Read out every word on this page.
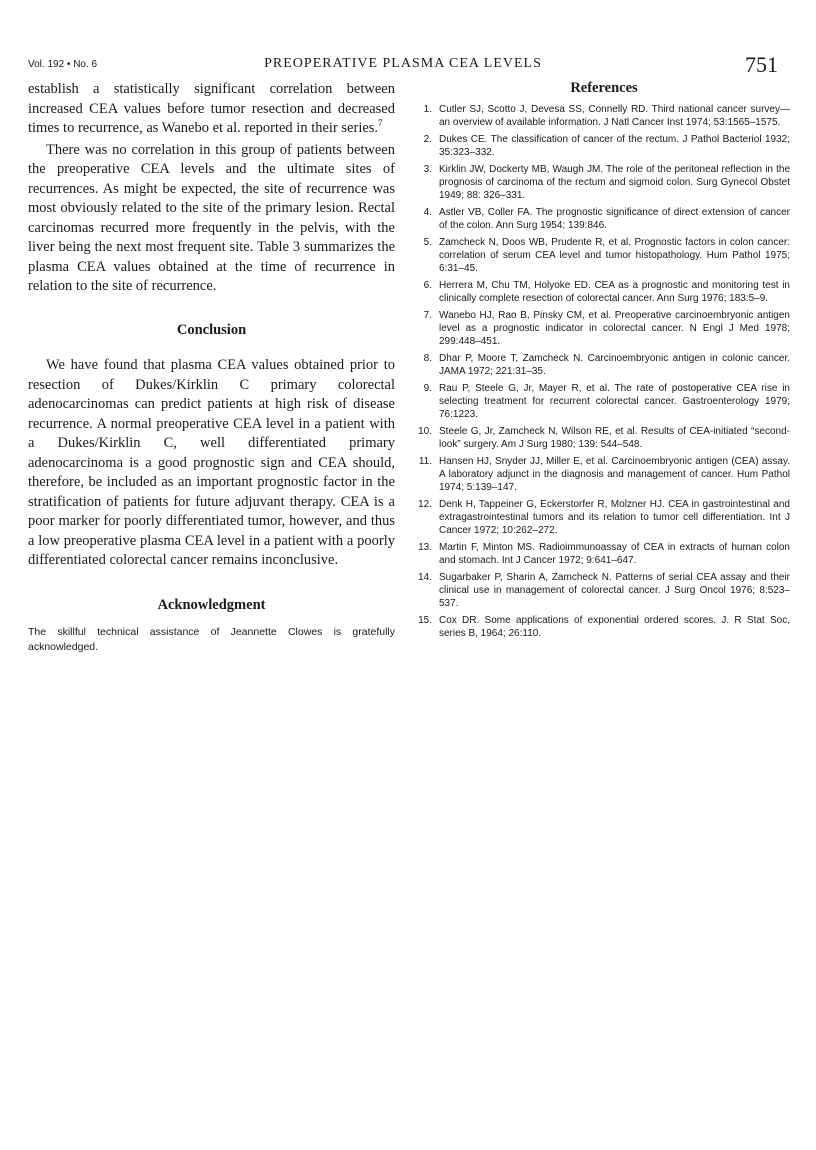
Vol. 192 • No. 6	PREOPERATIVE PLASMA CEA LEVELS	751

establish a statistically significant correlation between increased CEA values before tumor resection and decreased times to recurrence, as Wanebo et al. reported in their series.$^7$

There was no correlation in this group of patients between the preoperative CEA levels and the ultimate sites of recurrences. As might be expected, the site of recurrence was most obviously related to the site of the primary lesion. Rectal carcinomas recurred more frequently in the pelvis, with the liver being the next most frequent site. Table 3 summarizes the plasma CEA values obtained at the time of recurrence in relation to the site of recurrence.

Conclusion

We have found that plasma CEA values obtained prior to resection of Dukes/Kirklin C primary colorectal adenocarcinomas can predict patients at high risk of disease recurrence. A normal preoperative CEA level in a patient with a Dukes/Kirklin C, well differentiated primary adenocarcinoma is a good prognostic sign and CEA should, therefore, be included as an important prognostic factor in the stratification of patients for future adjuvant therapy. CEA is a poor marker for poorly differentiated tumor, however, and thus a low preoperative plasma CEA level in a patient with a poorly differentiated colorectal cancer remains inconclusive.

Acknowledgment

The skillful technical assistance of Jeannette Clowes is gratefully acknowledged.

References
1. Cutler SJ, Scotto J, Devesa SS, Connelly RD. Third national cancer survey—an overview of available information. J Natl Cancer Inst 1974; 53:1565–1575.
2. Dukes CE. The classification of cancer of the rectum. J Pathol Bacteriol 1932; 35:323–332.
3. Kirklin JW, Dockerty MB, Waugh JM. The role of the peritoneal reflection in the prognosis of carcinoma of the rectum and sigmoid colon. Surg Gynecol Obstet 1949; 88: 326–331.
4. Astler VB, Coller FA. The prognostic significance of direct extension of cancer of the colon. Ann Surg 1954; 139:846.
5. Zamcheck N, Doos WB, Prudente R, et al. Prognostic factors in colon cancer: correlation of serum CEA level and tumor histopathology. Hum Pathol 1975; 6:31–45.
6. Herrera M, Chu TM, Holyoke ED. CEA as a prognostic and monitoring test in clinically complete resection of colorectal cancer. Ann Surg 1976; 183:5–9.
7. Wanebo HJ, Rao B, Pinsky CM, et al. Preoperative carcinoembryonic antigen level as a prognostic indicator in colorectal cancer. N Engl J Med 1978; 299:448–451.
8. Dhar P, Moore T, Zamcheck N. Carcinoembryonic antigen in colonic cancer. JAMA 1972; 221:31–35.
9. Rau P, Steele G, Jr, Mayer R, et al. The rate of postoperative CEA rise in selecting treatment for recurrent colorectal cancer. Gastroenterology 1979; 76:1223.
10. Steele G, Jr, Zamcheck N, Wilson RE, et al. Results of CEA-initiated “second-look” surgery. Am J Surg 1980; 139: 544–548.
11. Hansen HJ, Snyder JJ, Miller E, et al. Carcinoembryonic antigen (CEA) assay. A laboratory adjunct in the diagnosis and management of cancer. Hum Pathol 1974; 5:139–147.
12. Denk H, Tappeiner G, Eckerstorfer R, Molzner HJ. CEA in gastrointestinal and extragastrointestinal tumors and its relation to tumor cell differentiation. Int J Cancer 1972; 10:262–272.
13. Martin F, Minton MS. Radioimmunoassay of CEA in extracts of human colon and stomach. Int J Cancer 1972; 9:641–647.
14. Sugarbaker P, Sharin A, Zamcheck N. Patterns of serial CEA assay and their clinical use in management of colorectal cancer. J Surg Oncol 1976; 8:523–537.
15. Cox DR. Some applications of exponential ordered scores. J. R Stat Soc, series B, 1964; 26:110.
